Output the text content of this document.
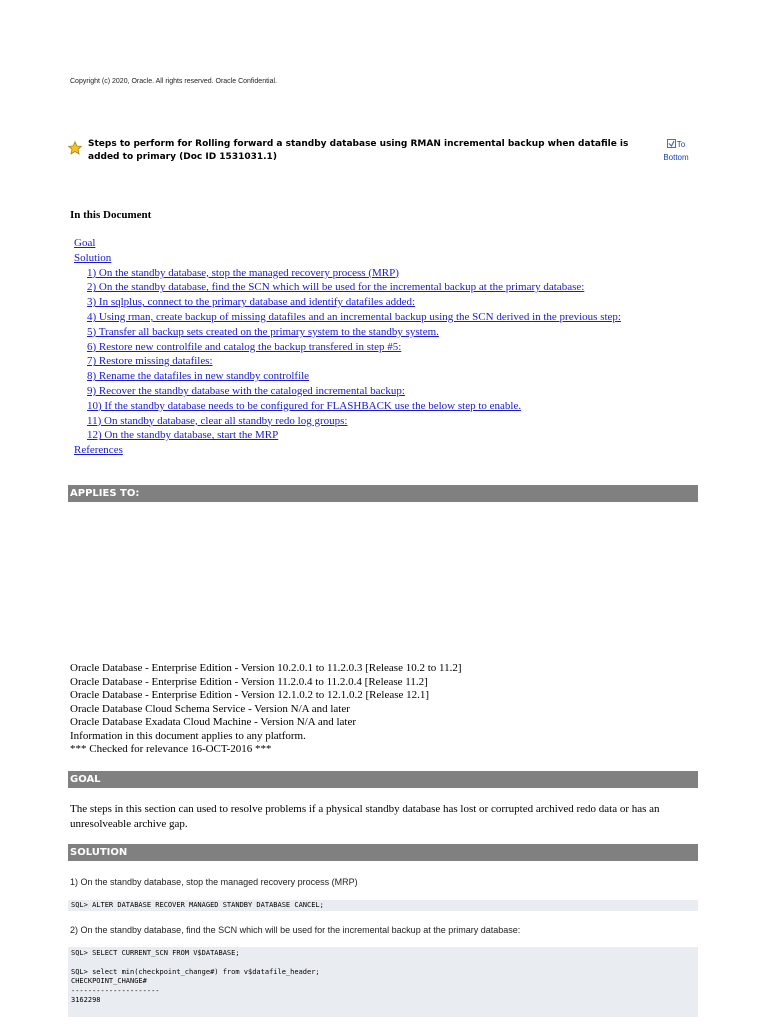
Copyright (c) 2020, Oracle. All rights reserved. Oracle Confidential.
Steps to perform for Rolling forward a standby database using RMAN incremental backup when datafile is added to primary (Doc ID 1531031.1)
To Bottom
In this Document
Goal
Solution
1) On the standby database, stop the managed recovery process (MRP)
2) On the standby database, find the SCN which will be used for the incremental backup at the primary database:
3) In sqlplus, connect to the primary database and identify datafiles added:
4) Using rman, create backup of missing datafiles and an incremental backup using the SCN derived in the previous step:
5) Transfer all backup sets created on the primary system to the standby system.
6) Restore new controlfile and catalog the backup transfered in step #5:
7) Restore missing datafiles:
8) Rename the datafiles in new standby controlfile
9) Recover the standby database with the cataloged incremental backup:
10) If the standby database needs to be configured for FLASHBACK use the below step to enable.
11) On standby database, clear all standby redo log groups:
12) On the standby database, start the MRP
References
APPLIES TO:
Oracle Database - Enterprise Edition - Version 10.2.0.1 to 11.2.0.3 [Release 10.2 to 11.2]
Oracle Database - Enterprise Edition - Version 11.2.0.4 to 11.2.0.4 [Release 11.2]
Oracle Database - Enterprise Edition - Version 12.1.0.2 to 12.1.0.2 [Release 12.1]
Oracle Database Cloud Schema Service - Version N/A and later
Oracle Database Exadata Cloud Machine - Version N/A and later
Information in this document applies to any platform.
*** Checked for relevance 16-OCT-2016 ***
GOAL
The steps in this section can used to resolve problems if a physical standby database has lost or corrupted archived redo data or has an unresolveable archive gap.
SOLUTION
1) On the standby database, stop the managed recovery process (MRP)
SQL> ALTER DATABASE RECOVER MANAGED STANDBY DATABASE CANCEL;
2) On the standby database, find the SCN which will be used for the incremental backup at the primary database:
SQL> SELECT CURRENT_SCN FROM V$DATABASE;

SQL> select min(checkpoint_change#) from v$datafile_header;
CHECKPOINT_CHANGE#
---------------------
3162298
